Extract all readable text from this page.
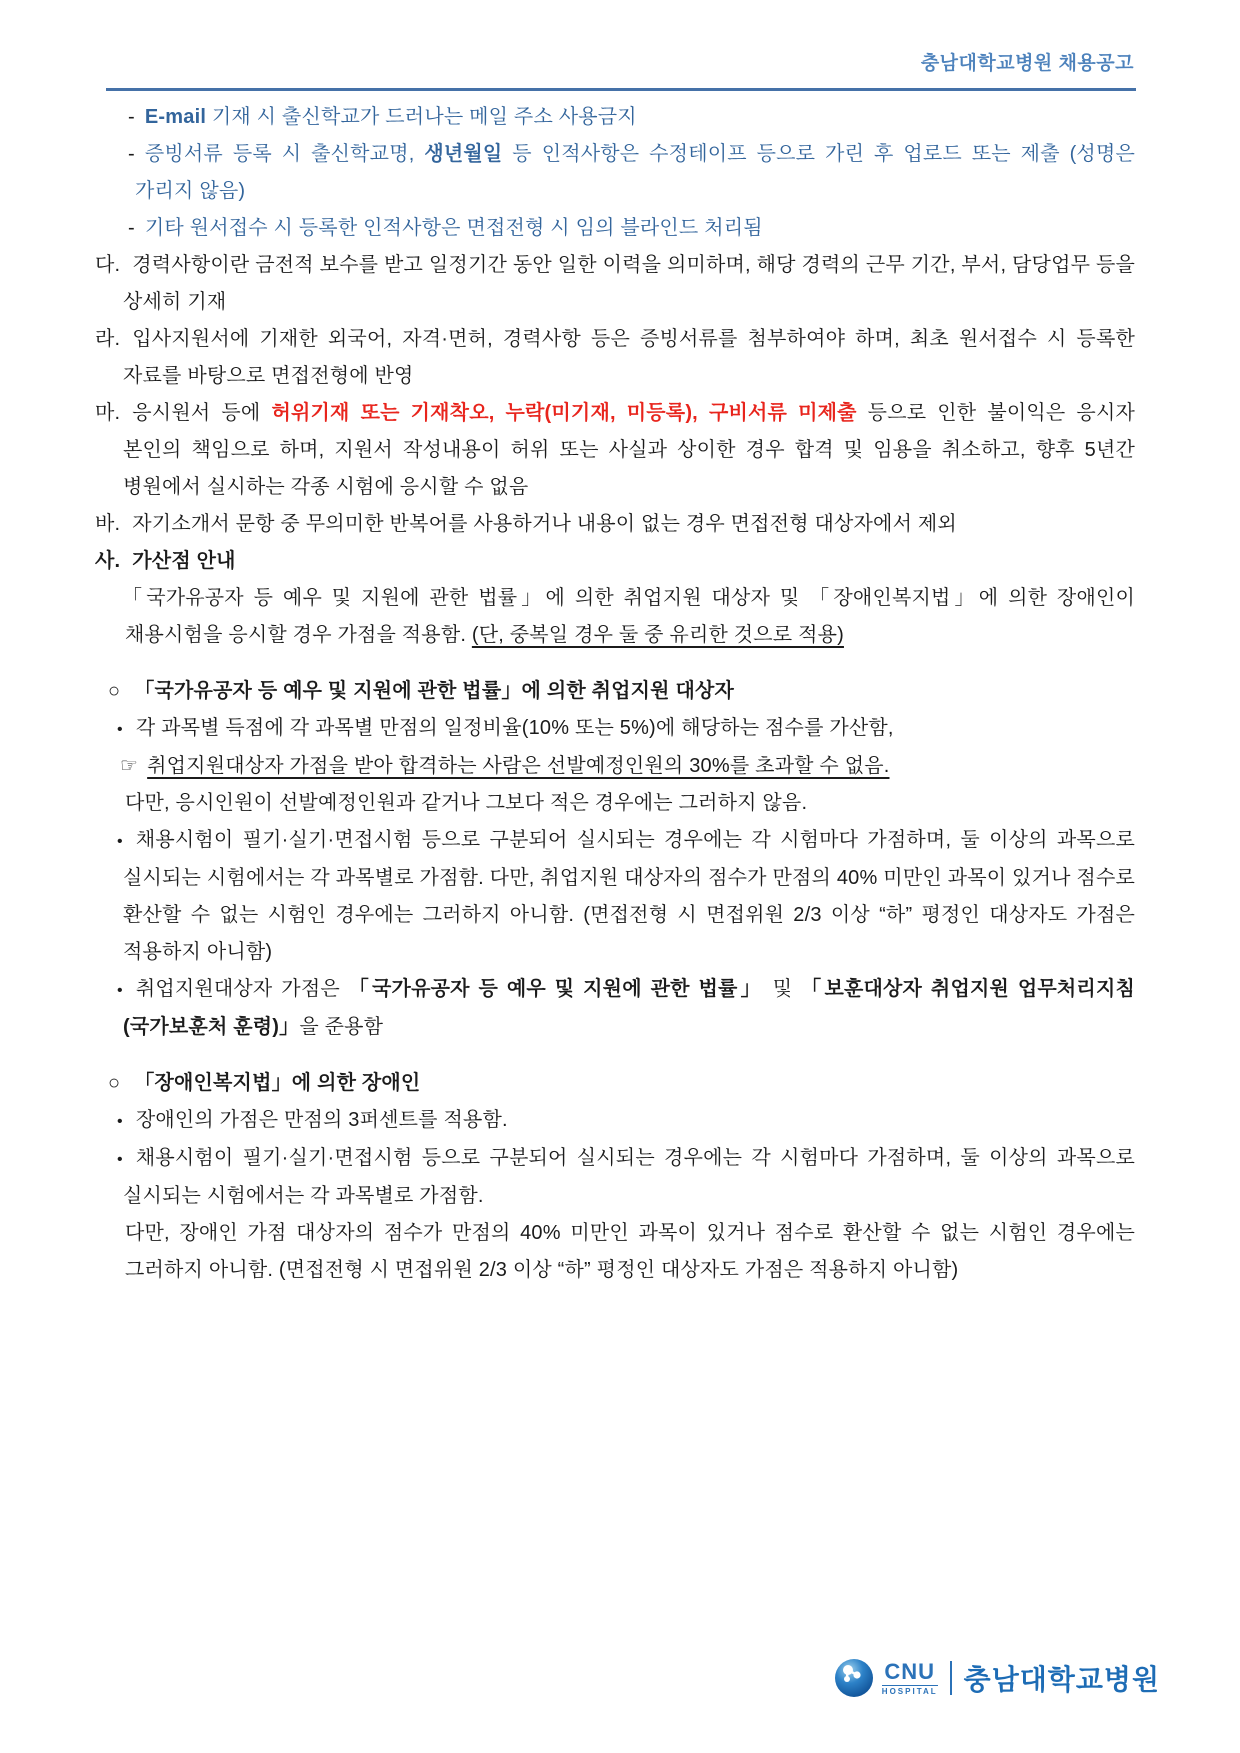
충남대학교병원 채용공고
- E-mail 기재 시 출신학교가 드러나는 메일 주소 사용금지
- 증빙서류 등록 시 출신학교명, 생년월일 등 인적사항은 수정테이프 등으로 가린 후 업로드 또는 제출 (성명은 가리지 않음)
- 기타 원서접수 시 등록한 인적사항은 면접전형 시 임의 블라인드 처리됨
다. 경력사항이란 금전적 보수를 받고 일정기간 동안 일한 이력을 의미하며, 해당 경력의 근무 기간, 부서, 담당업무 등을 상세히 기재
라. 입사지원서에 기재한 외국어, 자격·면허, 경력사항 등은 증빙서류를 첨부하여야 하며, 최초 원서접수 시 등록한 자료를 바탕으로 면접전형에 반영
마. 응시원서 등에 허위기재 또는 기재착오, 누락(미기재, 미등록), 구비서류 미제출 등으로 인한 불이익은 응시자 본인의 책임으로 하며, 지원서 작성내용이 허위 또는 사실과 상이한 경우 합격 및 임용을 취소하고, 향후 5년간 병원에서 실시하는 각종 시험에 응시할 수 없음
바. 자기소개서 문항 중 무의미한 반복어를 사용하거나 내용이 없는 경우 면접전형 대상자에서 제외
사. 가산점 안내
「국가유공자 등 예우 및 지원에 관한 법률」에 의한 취업지원 대상자 및 「장애인복지법」에 의한 장애인이 채용시험을 응시할 경우 가점을 적용함. (단, 중복일 경우 둘 중 유리한 것으로 적용)
○ 「국가유공자 등 예우 및 지원에 관한 법률」에 의한 취업지원 대상자
• 각 과목별 득점에 각 과목별 만점의 일정비율(10% 또는 5%)에 해당하는 점수를 가산함,
☞ 취업지원대상자 가점을 받아 합격하는 사람은 선발예정인원의 30%를 초과할 수 없음.
다만, 응시인원이 선발예정인원과 같거나 그보다 적은 경우에는 그러하지 않음.
• 채용시험이 필기·실기·면접시험 등으로 구분되어 실시되는 경우에는 각 시험마다 가점하며, 둘 이상의 과목으로 실시되는 시험에서는 각 과목별로 가점함. 다만, 취업지원 대상자의 점수가 만점의 40% 미만인 과목이 있거나 점수로 환산할 수 없는 시험인 경우에는 그러하지 아니함. (면접전형 시 면접위원 2/3 이상 “하” 평정인 대상자도 가점은 적용하지 아니함)
• 취업지원대상자 가점은 「국가유공자 등 예우 및 지원에 관한 법률」 및 「보훈대상자 취업지원 업무처리지침(국가보훈처 훈령)」을 준용함
○ 「장애인복지법」에 의한 장애인
• 장애인의 가점은 만점의 3퍼센트를 적용함.
• 채용시험이 필기·실기·면접시험 등으로 구분되어 실시되는 경우에는 각 시험마다 가점하며, 둘 이상의 과목으로 실시되는 시험에서는 각 과목별로 가점함.
다만, 장애인 가점 대상자의 점수가 만점의 40% 미만인 과목이 있거나 점수로 환산할 수 없는 시험인 경우에는 그러하지 아니함. (면접전형 시 면접위원 2/3 이상 “하” 평정인 대상자도 가점은 적용하지 아니함)
CNU
HOSPITAL 충남대학교병원
